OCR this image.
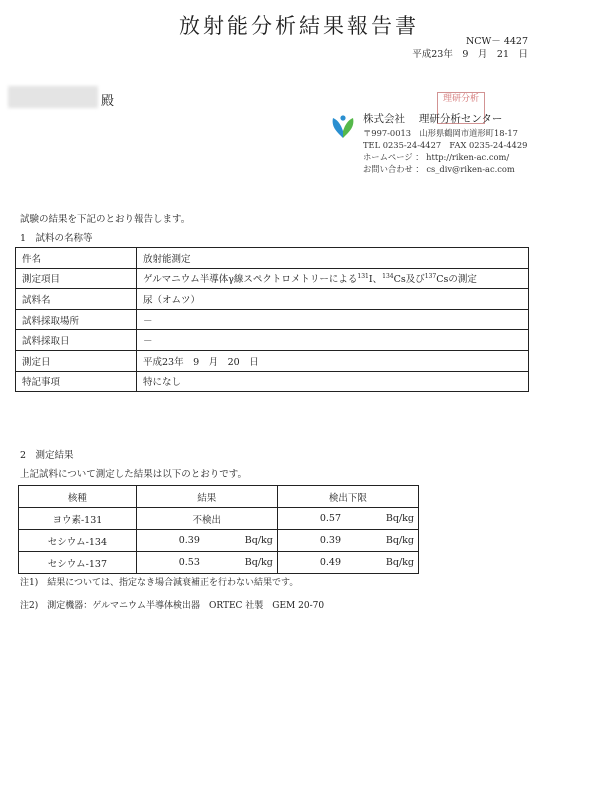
放射能分析結果報告書
NCW－ 4427
平成23年　9　月　21　日
殿	理研分析
株式会社　 理研分析センター
〒997-0013　山形県鶴岡市道形町18-17
TEL 0235-24-4427　FAX 0235-24-4429
ホームページ ： http://riken-ac.com/
お問い合わせ ： cs_div@riken-ac.com
試験の結果を下記のとおり報告します。
1　試料の名称等
件名	放射能測定
測定項目	ゲルマニウム半導体γ線スペクトロメトリーによる$^{131}$I、$^{134}$Cs及び$^{137}$Csの測定
試料名	尿（オムツ）
試料採取場所	－
試料採取日	－
測定日	平成23年　9　月　20　日
特記事項	特になし
2　測定結果
上記試料について測定した結果は以下のとおりです。
核種	結果	検出下限
ヨウ素-131	不検出	0.57 Bq/kg

セシウム-134	0.39 Bq/kg	0.39 Bq/kg

セシウム-137	0.53 Bq/kg	0.49 Bq/kg
注1)　結果については、指定なき場合減衰補正を行わない結果です。
注2)　測定機器：ゲルマニウム半導体検出器　ORTEC 社製　GEM 20-70
